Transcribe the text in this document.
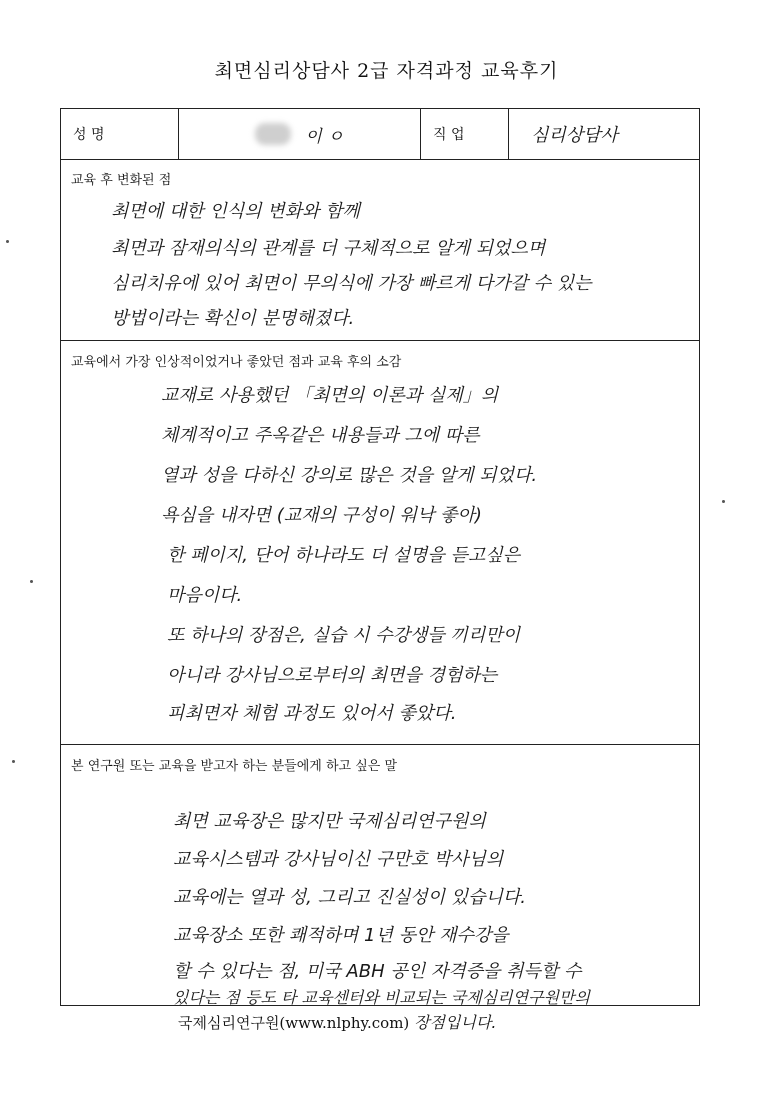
최면심리상담사 2급 자격과정 교육후기
성 명	이 ㅇ	직 업	심리상담사
교육 후 변화된 점
최면에 대한 인식의 변화와 함께
최면과 잠재의식의 관계를 더 구체적으로 알게 되었으며
심리치유에 있어 최면이 무의식에 가장 빠르게 다가갈 수 있는
방법이라는 확신이 분명해졌다.
교육에서 가장 인상적이었거나 좋았던 점과 교육 후의 소감
교재로 사용했던 「최면의 이론과 실제」의
체계적이고 주옥같은 내용들과 그에 따른
열과 성을 다하신 강의로 많은 것을 알게 되었다.
욕심을 내자면 (교재의 구성이 워낙 좋아)
한 페이지, 단어 하나라도 더 설명을 듣고싶은
마음이다.
또 하나의 장점은, 실습 시 수강생들 끼리만이
아니라 강사님으로부터의 최면을 경험하는
피최면자 체험 과정도 있어서 좋았다.
본 연구원 또는 교육을 받고자 하는 분들에게 하고 싶은 말
최면 교육장은 많지만 국제심리연구원의
교육시스템과 강사님이신 구만호 박사님의
교육에는 열과 성, 그리고 진실성이 있습니다.
교육장소 또한 쾌적하며 1년 동안 재수강을
할 수 있다는 점, 미국 ABH 공인 자격증을 취득할 수
있다는 점 등도 타 교육센터와 비교되는 국제심리연구원만의
국제심리연구원(www.nlphy.com) 장점입니다.
